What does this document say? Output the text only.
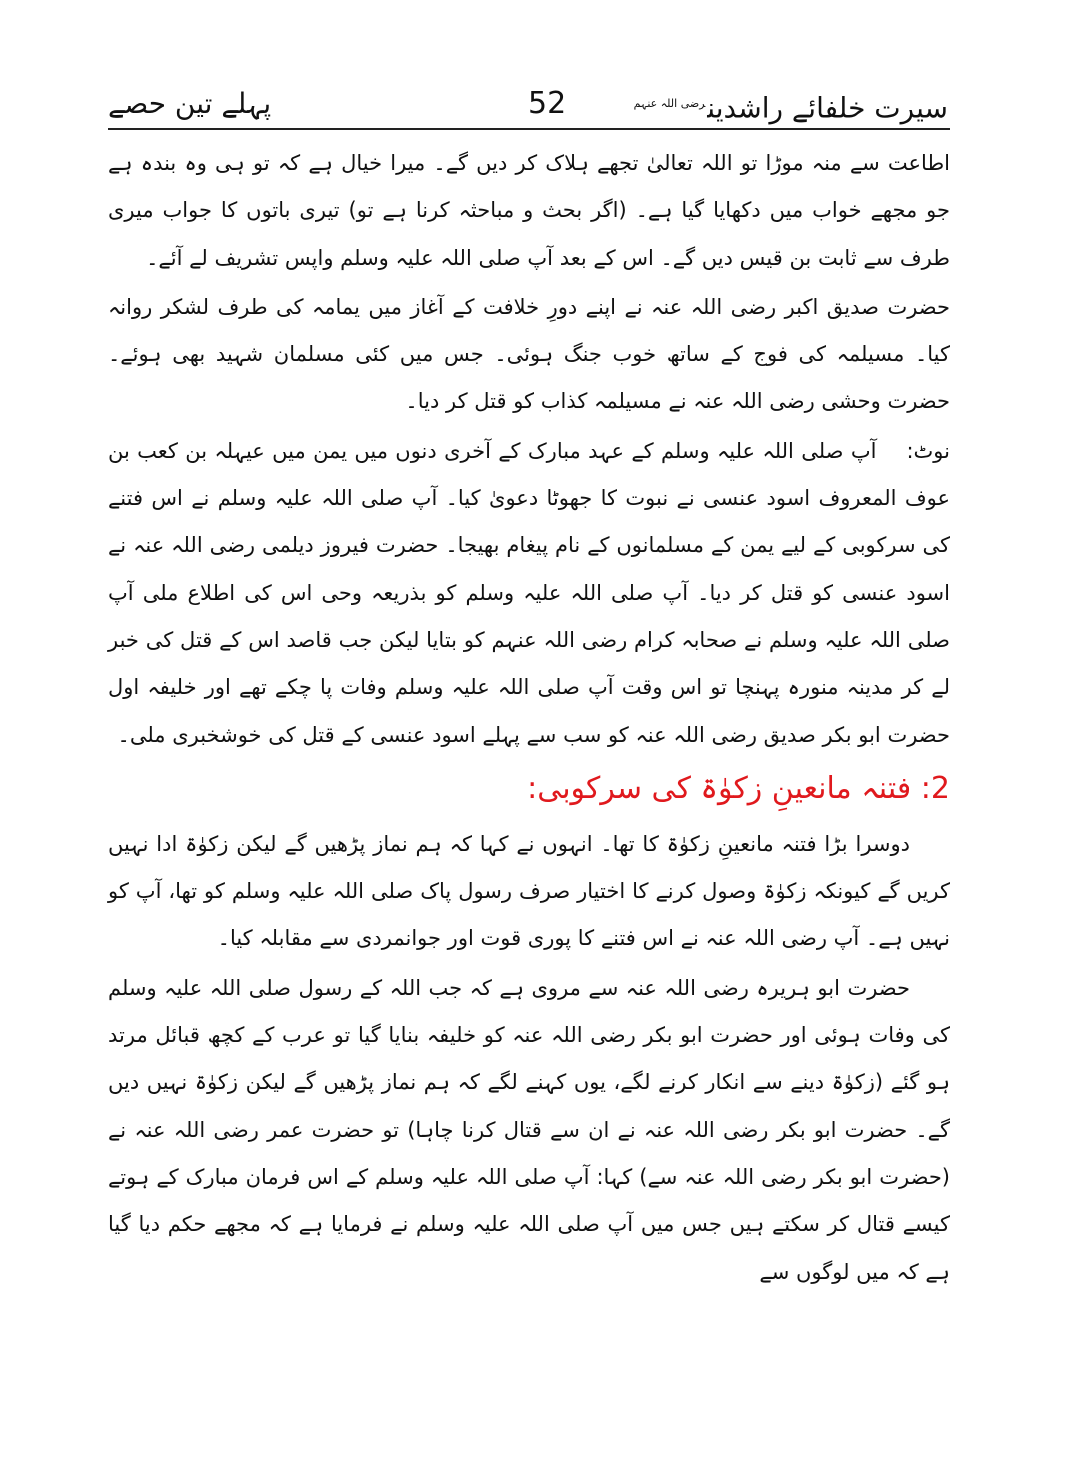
سیرت خلفائے راشدین$^{رضی اللہ عنہم}$
52
پہلے تین حصے

اطاعت سے منہ موڑا تو اللہ تعالیٰ تجھے ہلاک کر دیں گے۔ میرا خیال ہے کہ تو ہی وہ بندہ ہے جو مجھے خواب میں دکھایا گیا ہے۔ (اگر بحث و مباحثہ کرنا ہے تو) تیری باتوں کا جواب میری طرف سے ثابت بن قیس دیں گے۔ اس کے بعد آپ صلی اللہ علیہ وسلم واپس تشریف لے آئے۔

حضرت صدیق اکبر رضی اللہ عنہ نے اپنے دورِ خلافت کے آغاز میں یمامہ کی طرف لشکر روانہ کیا۔ مسیلمہ کی فوج کے ساتھ خوب جنگ ہوئی۔ جس میں کئی مسلمان شہید بھی ہوئے۔ حضرت وحشی رضی اللہ عنہ نے مسیلمہ کذاب کو قتل کر دیا۔

نوٹ:آپ صلی اللہ علیہ وسلم کے عہد مبارک کے آخری دنوں میں یمن میں عیہلہ بن کعب بن عوف المعروف اسود عنسی نے نبوت کا جھوٹا دعویٰ کیا۔ آپ صلی اللہ علیہ وسلم نے اس فتنے کی سرکوبی کے لیے یمن کے مسلمانوں کے نام پیغام بھیجا۔ حضرت فیروز دیلمی رضی اللہ عنہ نے اسود عنسی کو قتل کر دیا۔ آپ صلی اللہ علیہ وسلم کو بذریعہ وحی اس کی اطلاع ملی آپ صلی اللہ علیہ وسلم نے صحابہ کرام رضی اللہ عنہم کو بتایا لیکن جب قاصد اس کے قتل کی خبر لے کر مدینہ منورہ پہنچا تو اس وقت آپ صلی اللہ علیہ وسلم وفات پا چکے تھے اور خلیفہ اول حضرت ابو بکر صدیق رضی اللہ عنہ کو سب سے پہلے اسود عنسی کے قتل کی خوشخبری ملی۔

2: فتنہ مانعینِ زکوٰۃ کی سرکوبی:

دوسرا بڑا فتنہ مانعینِ زکوٰۃ کا تھا۔ انہوں نے کہا کہ ہم نماز پڑھیں گے لیکن زکوٰۃ ادا نہیں کریں گے کیونکہ زکوٰۃ وصول کرنے کا اختیار صرف رسول پاک صلی اللہ علیہ وسلم کو تھا، آپ کو نہیں ہے۔ آپ رضی اللہ عنہ نے اس فتنے کا پوری قوت اور جوانمردی سے مقابلہ کیا۔

حضرت ابو ہریرہ رضی اللہ عنہ سے مروی ہے کہ جب اللہ کے رسول صلی اللہ علیہ وسلم کی وفات ہوئی اور حضرت ابو بکر رضی اللہ عنہ کو خلیفہ بنایا گیا تو عرب کے کچھ قبائل مرتد ہو گئے (زکوٰۃ دینے سے انکار کرنے لگے، یوں کہنے لگے کہ ہم نماز پڑھیں گے لیکن زکوٰۃ نہیں دیں گے۔ حضرت ابو بکر رضی اللہ عنہ نے ان سے قتال کرنا چاہا) تو حضرت عمر رضی اللہ عنہ نے (حضرت ابو بکر رضی اللہ عنہ سے) کہا: آپ صلی اللہ علیہ وسلم کے اس فرمان مبارک کے ہوتے کیسے قتال کر سکتے ہیں جس میں آپ صلی اللہ علیہ وسلم نے فرمایا ہے کہ مجھے حکم دیا گیا ہے کہ میں لوگوں سے
